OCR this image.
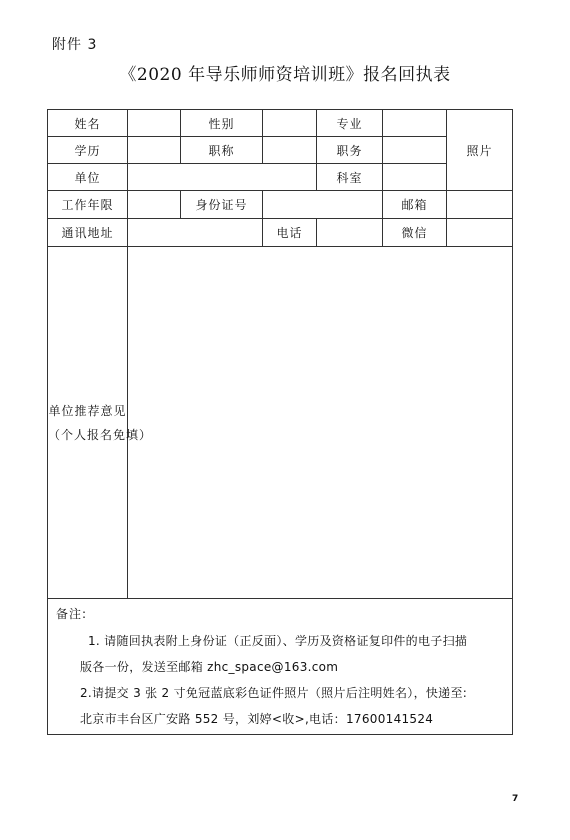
附件 3
《2020 年导乐师师资培训班》报名回执表
姓名		性别		专业		照片
学历		职称		职务		
单位				科室		
工作年限		身份证号			邮箱	
通讯地址			电话		微信	

单位推荐意见
（个人报名免填）						

备注:

1. 请随回执表附上身份证（正反面）、学历及资格证复印件的电子扫描

版各一份，发送至邮箱 zhc_space@163.com

2.请提交 3 张 2 寸免冠蓝底彩色证件照片（照片后注明姓名），快递至:

北京市丰台区广安路 552 号，刘婷<收>,电话：17600141524						

7
